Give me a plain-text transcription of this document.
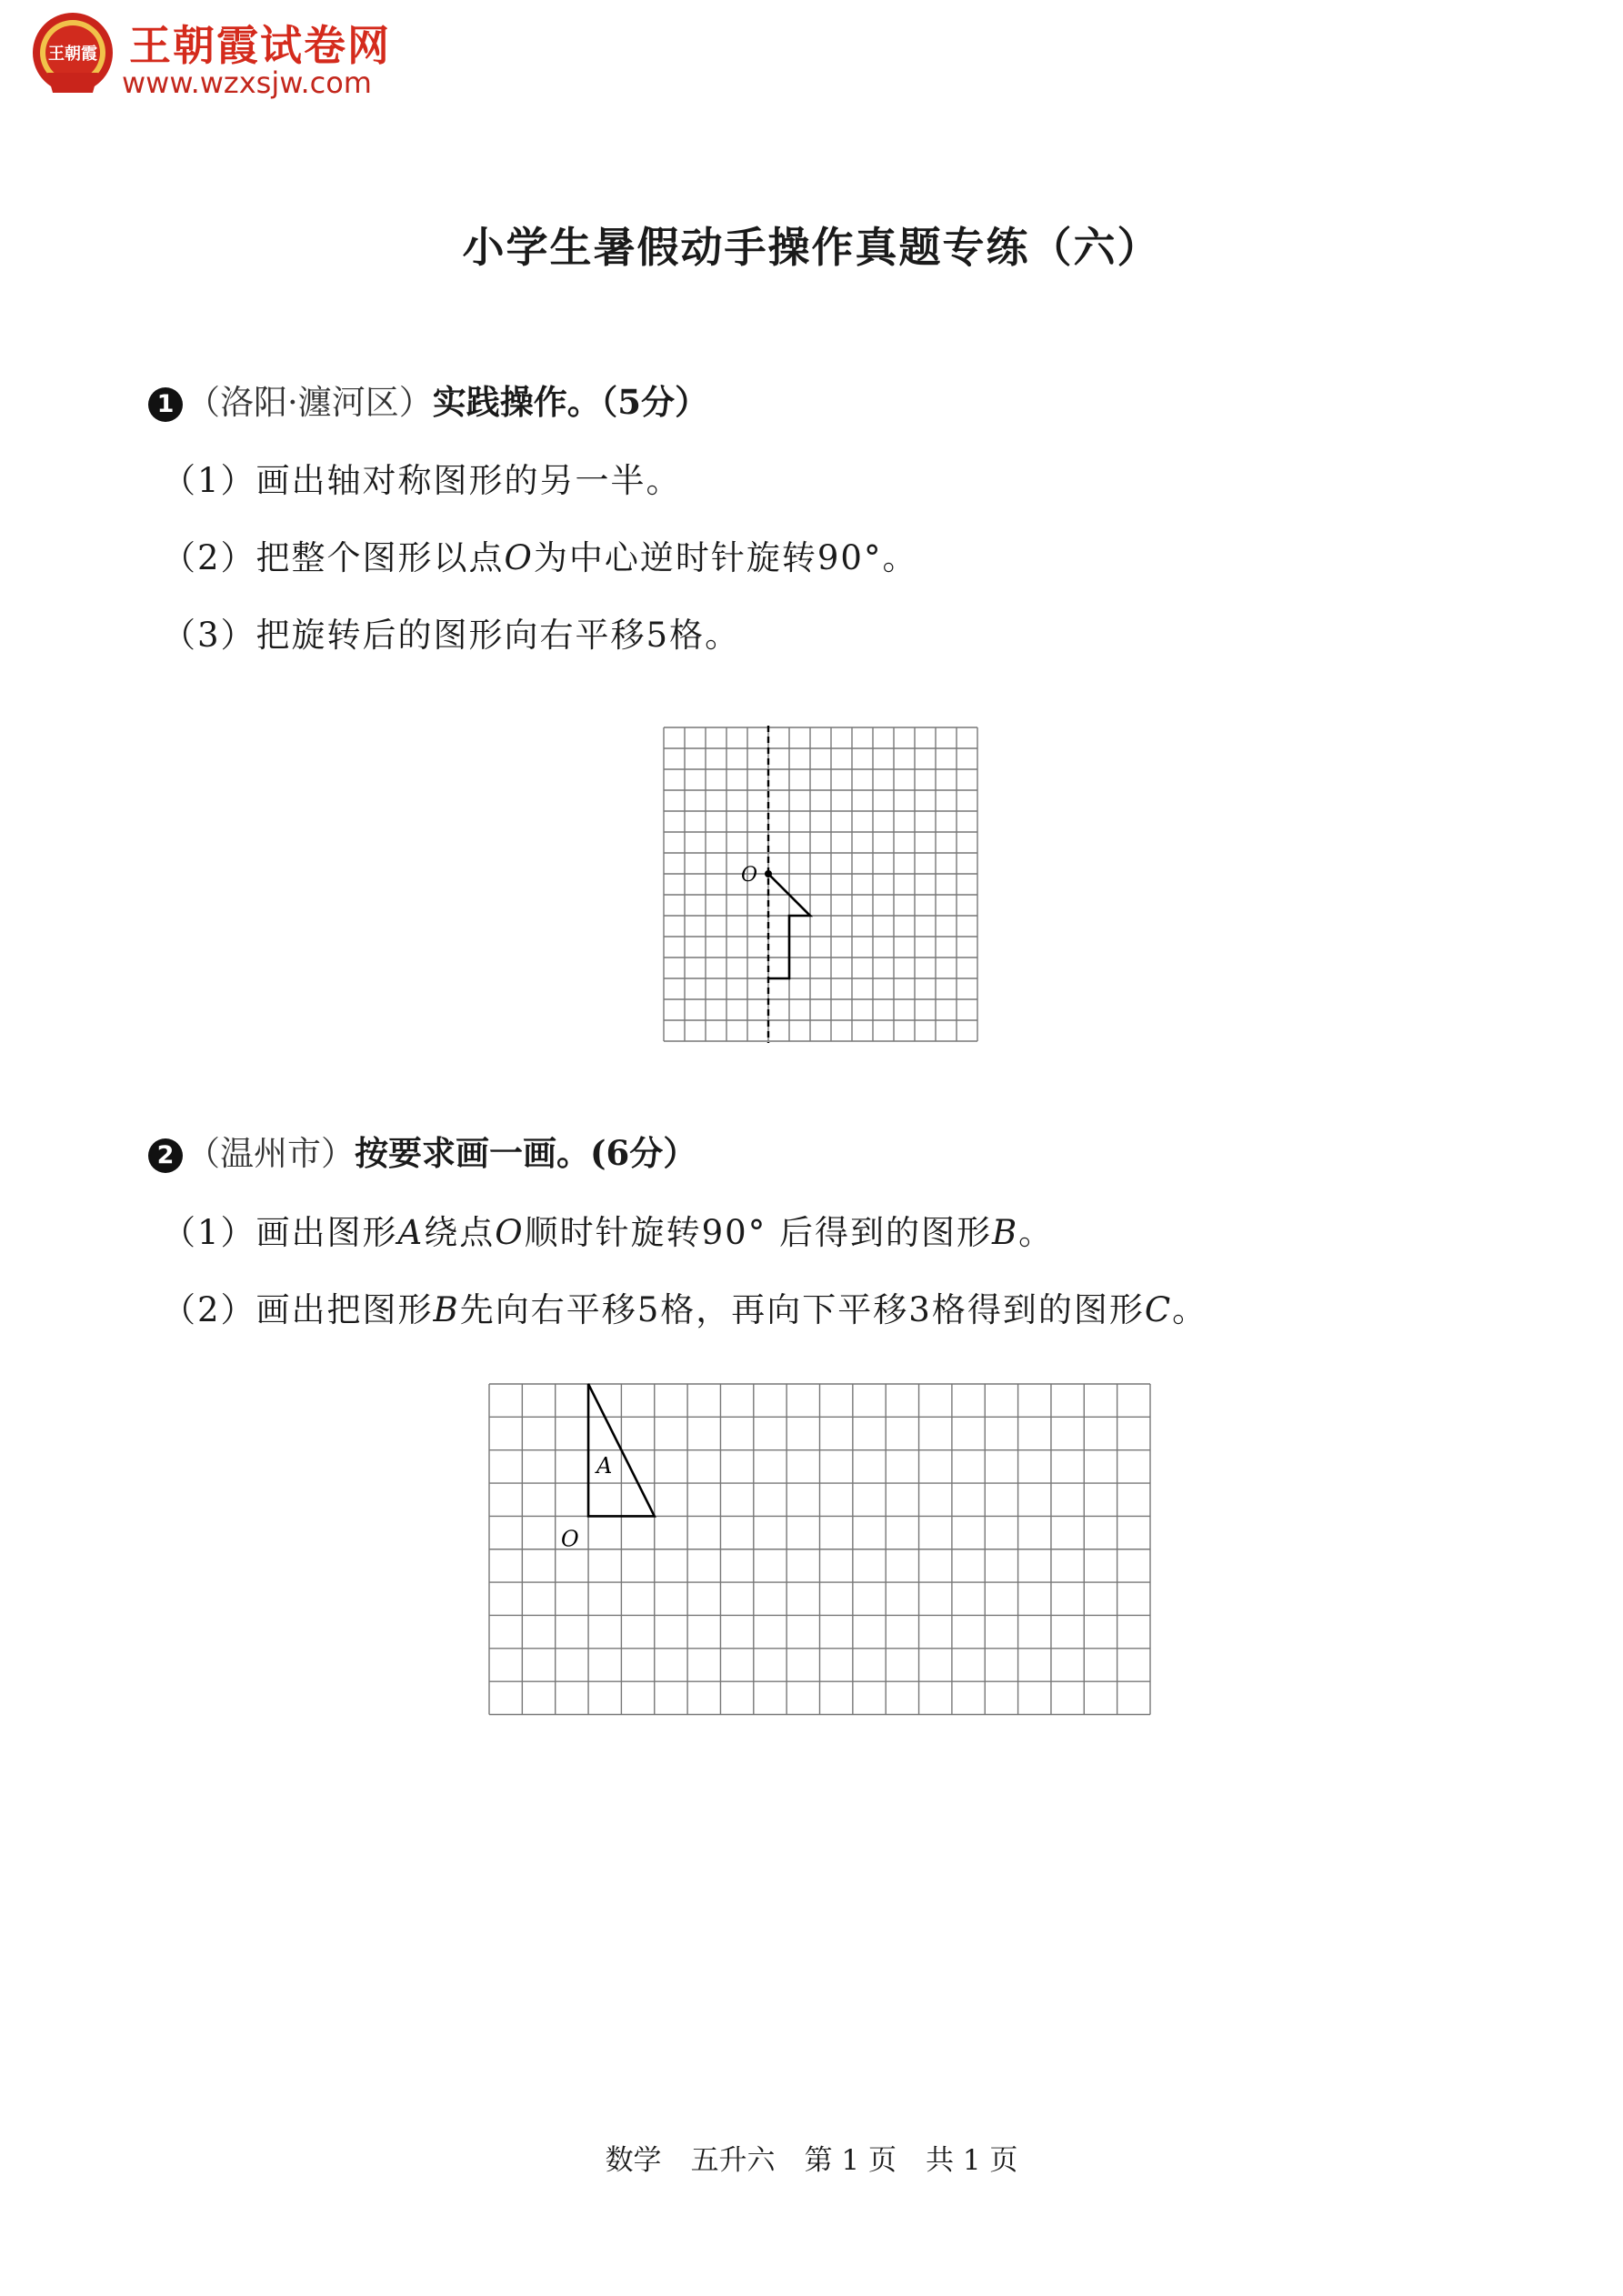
王朝霞 王朝霞试卷网
www.wzxsjw.com
小学生暑假动手操作真题专练（六）
1 （洛阳·瀍河区）实践操作。（5分）
（1）画出轴对称图形的另一半。
（2）把整个图形以点O为中心逆时针旋转90°。
（3）把旋转后的图形向右平移5格。
O
2 （温州市）按要求画一画。(6分）
（1）画出图形A绕点O顺时针旋转90° 后得到的图形B。
（2）画出把图形B先向右平移5格，再向下平移3格得到的图形C。
A
O
数学 五升六 第 1 页 共 1 页
